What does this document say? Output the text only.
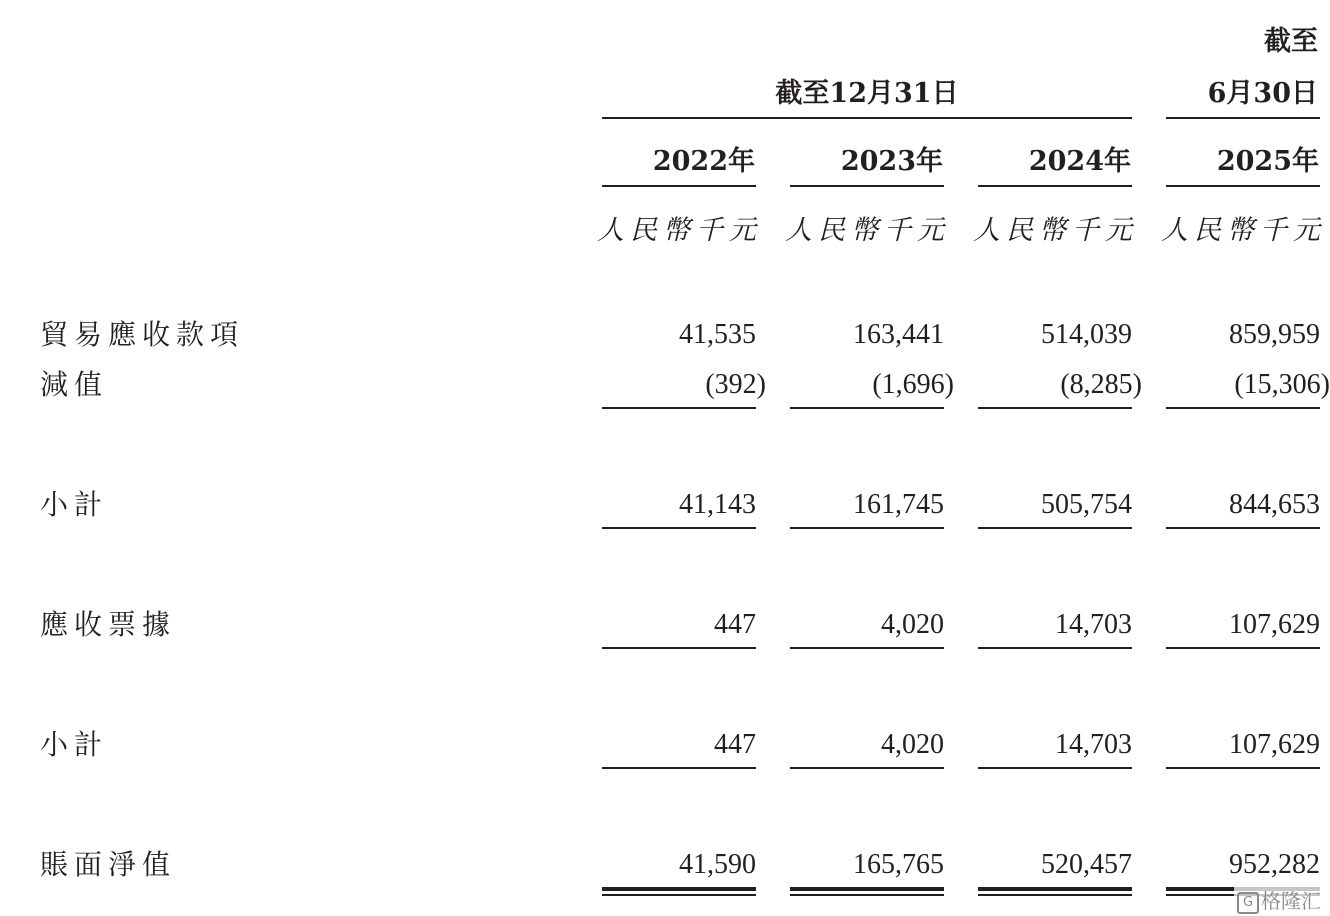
截至
截至12月31日	6月30日
2022年	2023年	2024年	2025年
人民幣千元 人民幣千元 人民幣千元 人民幣千元
貿易應收款項	41,535	163,441	514,039	859,959
減值	(392)	(1,696)	(8,285)	(15,306)
小計	41,143	161,745	505,754	844,653
應收票據	447	4,020	14,703	107,629
小計	447	4,020	14,703	107,629
賬面淨值	41,590	165,765	520,457	952,282
G 格隆汇
